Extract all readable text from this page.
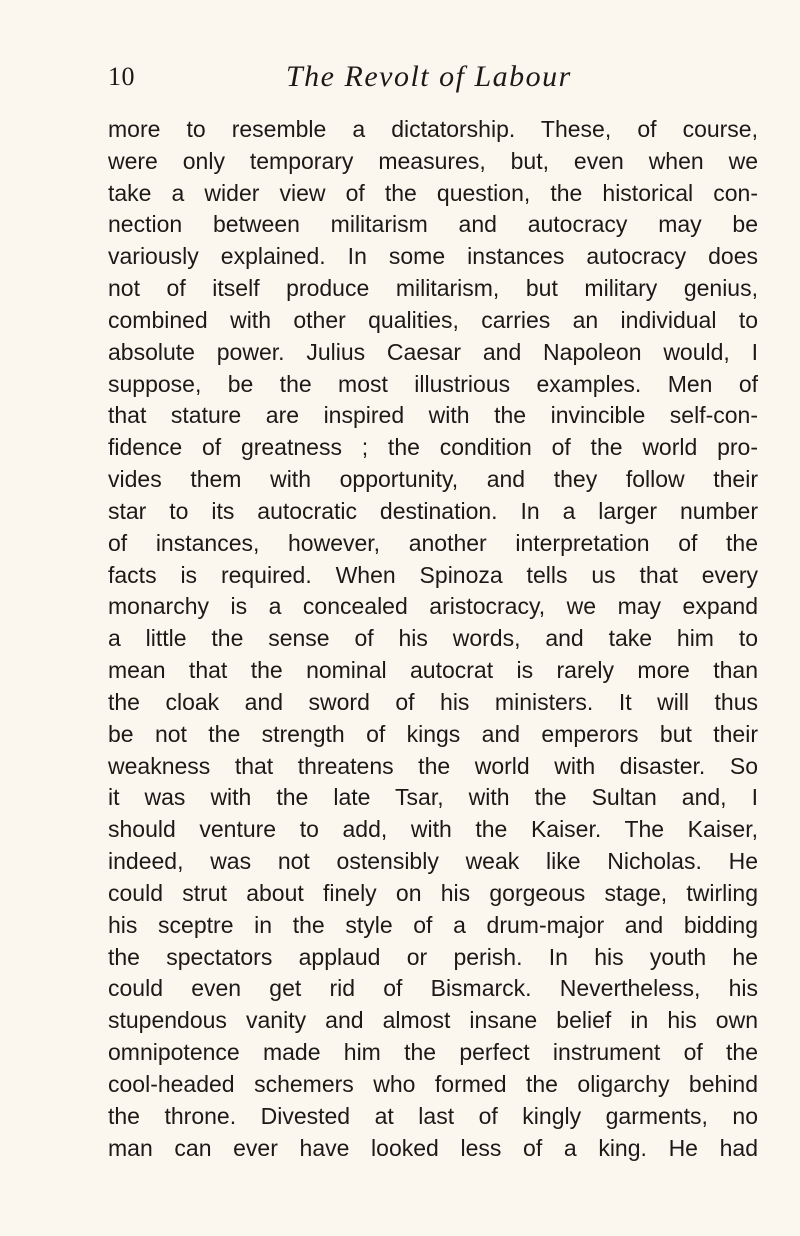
10	The Revolt of Labour
more to resemble a dictatorship. These, of course,
were only temporary measures, but, even when we
take a wider view of the question, the historical con-
nection between militarism and autocracy may be
variously explained. In some instances autocracy does
not of itself produce militarism, but military genius,
combined with other qualities, carries an individual to
absolute power. Julius Caesar and Napoleon would, I
suppose, be the most illustrious examples. Men of
that stature are inspired with the invincible self-con-
fidence of greatness ; the condition of the world pro-
vides them with opportunity, and they follow their
star to its autocratic destination. In a larger number
of instances, however, another interpretation of the
facts is required. When Spinoza tells us that every
monarchy is a concealed aristocracy, we may expand
a little the sense of his words, and take him to
mean that the nominal autocrat is rarely more than
the cloak and sword of his ministers. It will thus
be not the strength of kings and emperors but their
weakness that threatens the world with disaster. So
it was with the late Tsar, with the Sultan and, I
should venture to add, with the Kaiser. The Kaiser,
indeed, was not ostensibly weak like Nicholas. He
could strut about finely on his gorgeous stage, twirling
his sceptre in the style of a drum-major and bidding
the spectators applaud or perish. In his youth he
could even get rid of Bismarck. Nevertheless, his
stupendous vanity and almost insane belief in his own
omnipotence made him the perfect instrument of the
cool-headed schemers who formed the oligarchy behind
the throne. Divested at last of kingly garments, no
man can ever have looked less of a king. He had
